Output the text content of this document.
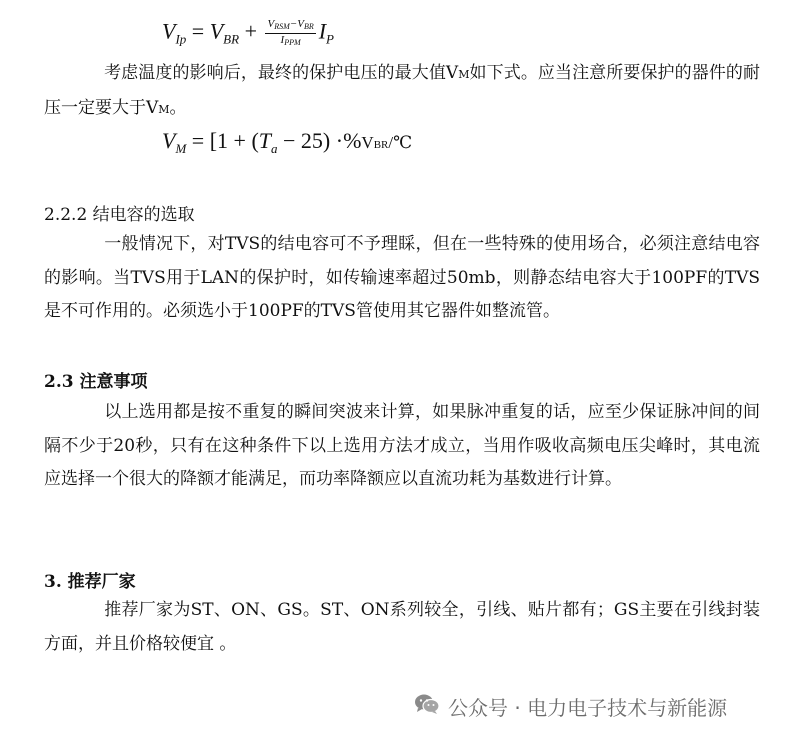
$V_{Ip} = V_{BR} + \frac{V_{RSM}-V_{BR}}{I_{PPM}} I_P$
考虑温度的影响后，最终的保护电压的最大值VM如下式。应当注意所要保护的器件的耐压一定要大于VM。
$V_M = [1 + (T_a - 25)$ ·%VBR/℃
2.2.2 结电容的选取
一般情况下，对TVS的结电容可不予理睬，但在一些特殊的使用场合，必须注意结电容的影响。当TVS用于LAN的保护时，如传输速率超过50mb，则静态结电容大于100PF的TVS是不可作用的。必须选小于100PF的TVS管使用其它器件如整流管。
2.3 注意事项
以上选用都是按不重复的瞬间突波来计算，如果脉冲重复的话，应至少保证脉冲间的间隔不少于20秒，只有在这种条件下以上选用方法才成立，当用作吸收高频电压尖峰时，其电流应选择一个很大的降额才能满足，而功率降额应以直流功耗为基数进行计算。
3. 推荐厂家
推荐厂家为ST、ON、GS。ST、ON系列较全，引线、贴片都有；GS主要在引线封装方面，并且价格较便宜 。
公众号 · 电力电子技术与新能源
